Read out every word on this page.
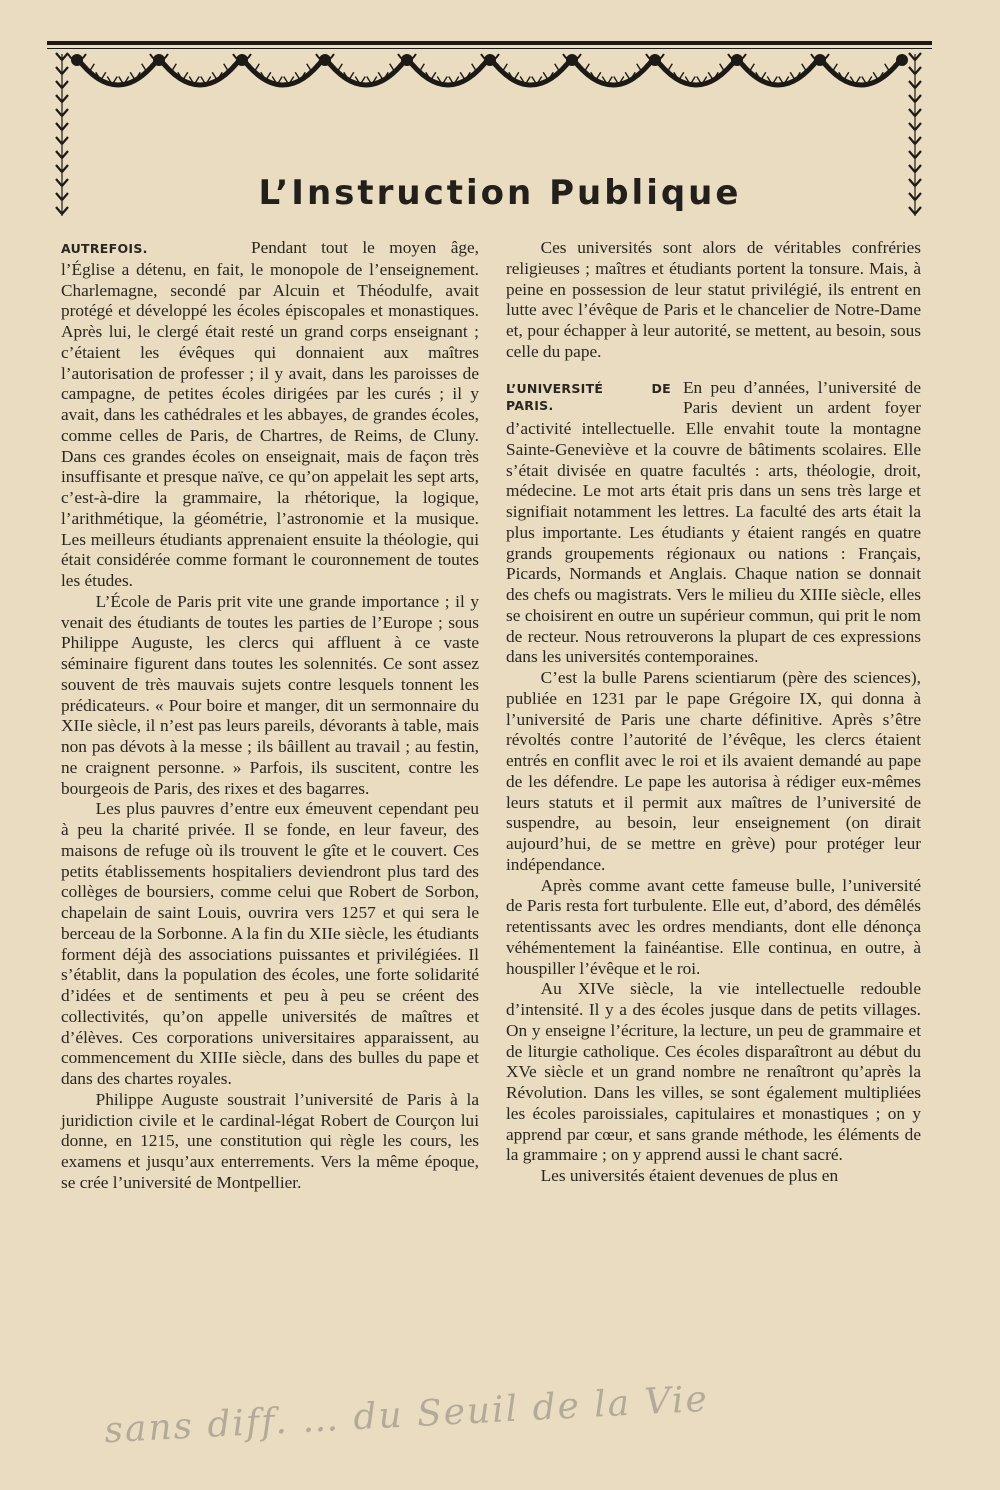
L’Instruction Publique

AUTREFOIS.	Pendant tout le moyen âge, l’Église a détenu, en fait, le monopole de l’enseignement. Charlemagne, secondé par Alcuin et Théodulfe, avait protégé et développé les écoles épiscopales et monastiques. Après lui, le clergé était resté un grand corps enseignant ; c’étaient les évêques qui donnaient aux maîtres l’autorisation de professer ; il y avait, dans les paroisses de campagne, de petites écoles dirigées par les curés ; il y avait, dans les cathédrales et les abbayes, de grandes écoles, comme celles de Paris, de Chartres, de Reims, de Cluny. Dans ces grandes écoles on enseignait, mais de façon très insuffisante et presque naïve, ce qu’on appelait les sept arts, c’est-à-dire la grammaire, la rhétorique, la logique, l’arithmétique, la géométrie, l’astronomie et la musique. Les meilleurs étudiants apprenaient ensuite la théologie, qui était considérée comme formant le couronnement de toutes les études.

L’École de Paris prit vite une grande importance ; il y venait des étudiants de toutes les parties de l’Europe ; sous Philippe Auguste, les clercs qui affluent à ce vaste séminaire figurent dans toutes les solennités. Ce sont assez souvent de très mauvais sujets contre lesquels tonnent les prédicateurs. « Pour boire et manger, dit un sermonnaire du XIIe siècle, il n’est pas leurs pareils, dévorants à table, mais non pas dévots à la messe ; ils bâillent au travail ; au festin, ne craignent personne. » Parfois, ils suscitent, contre les bourgeois de Paris, des rixes et des bagarres.

Les plus pauvres d’entre eux émeuvent cependant peu à peu la charité privée. Il se fonde, en leur faveur, des maisons de refuge où ils trouvent le gîte et le couvert. Ces petits établissements hospitaliers deviendront plus tard des collèges de boursiers, comme celui que Robert de Sorbon, chapelain de saint Louis, ouvrira vers 1257 et qui sera le berceau de la Sorbonne. A la fin du XIIe siècle, les étudiants forment déjà des associations puissantes et privilégiées. Il s’établit, dans la population des écoles, une forte solidarité d’idées et de sentiments et peu à peu se créent des collectivités, qu’on appelle universités de maîtres et d’élèves. Ces corporations universitaires apparaissent, au commencement du XIIIe siècle, dans des bulles du pape et dans des chartes royales.

Philippe Auguste soustrait l’université de Paris à la juridiction civile et le cardinal-légat Robert de Courçon lui donne, en 1215, une constitution qui règle les cours, les examens et jusqu’aux enterrements. Vers la même époque, se crée l’université de Montpellier.

Ces universités sont alors de véritables confréries religieuses ; maîtres et étudiants portent la tonsure. Mais, à peine en possession de leur statut privilégié, ils entrent en lutte avec l’évêque de Paris et le chancelier de Notre-Dame et, pour échapper à leur autorité, se mettent, au besoin, sous celle du pape.

L’UNIVERSITÉ DE PARIS.
En peu d’années, l’université de Paris devient un ardent foyer d’activité intellectuelle. Elle envahit toute la montagne Sainte-Geneviève et la couvre de bâtiments scolaires. Elle s’était divisée en quatre facultés : arts, théologie, droit, médecine. Le mot arts était pris dans un sens très large et signifiait notamment les lettres. La faculté des arts était la plus importante. Les étudiants y étaient rangés en quatre grands groupements régionaux ou nations : Français, Picards, Normands et Anglais. Chaque nation se donnait des chefs ou magistrats. Vers le milieu du XIIIe siècle, elles se choisirent en outre un supérieur commun, qui prit le nom de recteur. Nous retrouverons la plupart de ces expressions dans les universités contemporaines.

C’est la bulle Parens scientiarum (père des sciences), publiée en 1231 par le pape Grégoire IX, qui donna à l’université de Paris une charte définitive. Après s’être révoltés contre l’autorité de l’évêque, les clercs étaient entrés en conflit avec le roi et ils avaient demandé au pape de les défendre. Le pape les autorisa à rédiger eux-mêmes leurs statuts et il permit aux maîtres de l’université de suspendre, au besoin, leur enseignement (on dirait aujourd’hui, de se mettre en grève) pour protéger leur indépendance.

Après comme avant cette fameuse bulle, l’université de Paris resta fort turbulente. Elle eut, d’abord, des démêlés retentissants avec les ordres mendiants, dont elle dénonça véhémentement la fainéantise. Elle continua, en outre, à houspiller l’évêque et le roi.

Au XIVe siècle, la vie intellectuelle redouble d’intensité. Il y a des écoles jusque dans de petits villages. On y enseigne l’écriture, la lecture, un peu de grammaire et de liturgie catholique. Ces écoles disparaîtront au début du XVe siècle et un grand nombre ne renaîtront qu’après la Révolution. Dans les villes, se sont également multipliées les écoles paroissiales, capitulaires et monastiques ; on y apprend par cœur, et sans grande méthode, les éléments de la grammaire ; on y apprend aussi le chant sacré.

Les universités étaient devenues de plus en

sans diff. … du Seuil de la Vie
